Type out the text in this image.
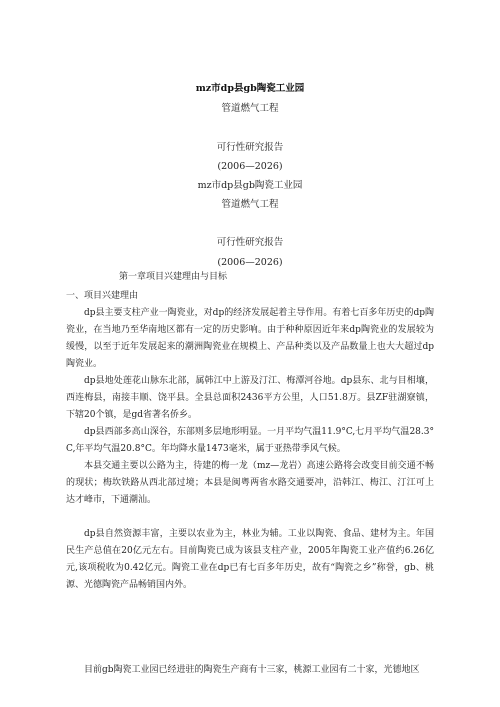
mz市dp县gb陶瓷工业园
管道燃气工程
可行性研究报告
(2006—2026)
mz市dp县gb陶瓷工业园
管道燃气工程
可行性研究报告
(2006—2026)
第一章项目兴建理由与目标
一、项目兴建理由
dp县主要支柱产业一陶瓷业，对dp的经济发展起着主导作用。有着七百多年历史的dp陶瓷业，在当地乃至华南地区都有一定的历史影响。由于种种原因近年来dp陶瓷业的发展较为缓慢，以至于近年发展起来的潮洲陶瓷业在规模上、产品种类以及产品数量上也大大超过dp陶瓷业。
dp县地处莲花山脉东北部，属韩江中上游及汀江、梅潭河谷地。dp县东、北与目相壤，西连梅县，南接丰顺、饶平县。全县总面积2436平方公里，人口51.8万。县ZF驻湖寮镇，下辖20个镇，是gd省著名侨乡。
dp县西部多高山深谷，东部则多层地形明显。一月平均气温11.9°C,七月平均气温28.3°C,年平均气温20.8°C。年均降水量1473毫米，属于亚热带季风气候。
本县交通主要以公路为主，待建的梅一龙（mz—龙岩）高速公路将会改变目前交通不畅的现状；梅坎铁路从西北部过境；本县是闽粤两省水路交通要冲，沿韩江、梅江、汀江可上达才峰市，下通潮汕。
dp县自然资源丰富，主要以农业为主，林业为辅。工业以陶瓷、食品、建材为主。年国民生产总值在20亿元左右。目前陶瓷已成为该县支柱产业，2005年陶瓷工业产值约6.26亿元,该项税收为0.42亿元。陶瓷工业在dp已有七百多年历史，故有“陶瓷之乡”称誉，gb、桃源、光德陶瓷产品畅销国内外。
目前gb陶瓷工业园已经进驻的陶瓷生产商有十三家，桃源工业园有二十家，光德地区
